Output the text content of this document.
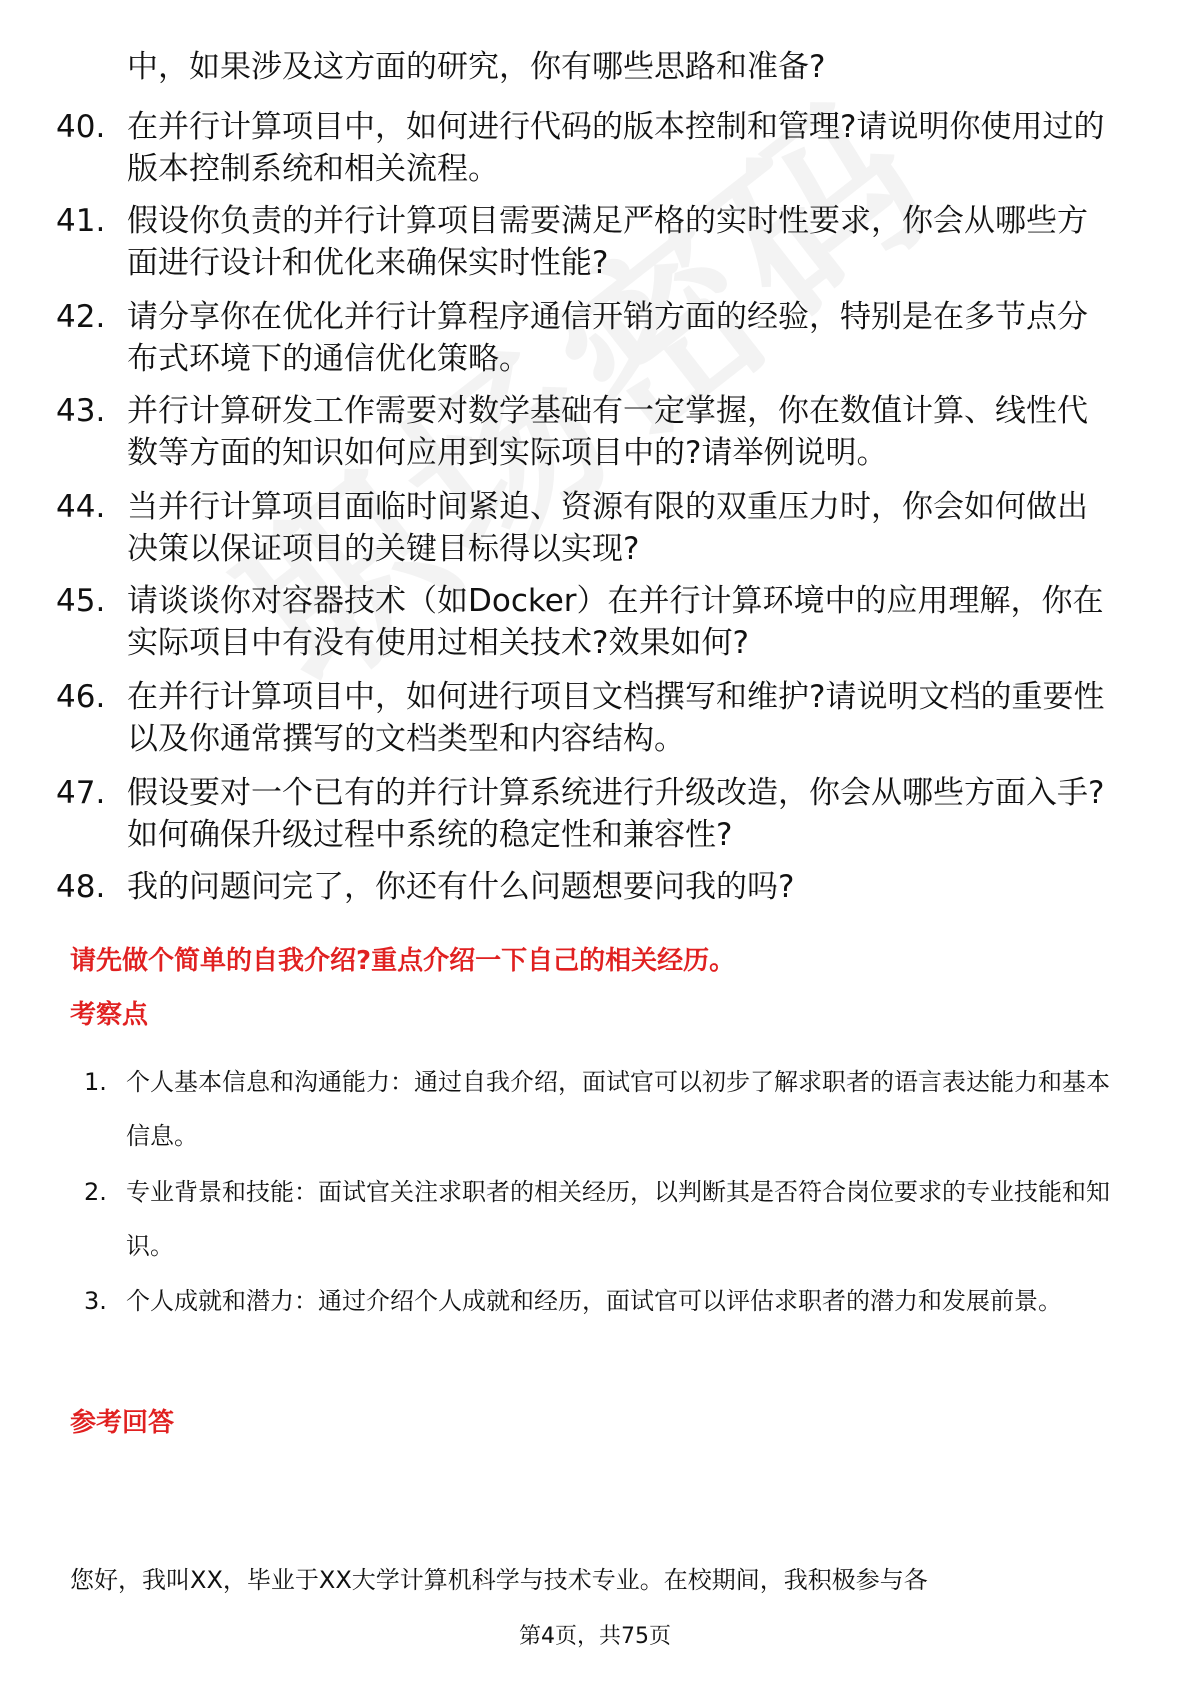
中，如果涉及这方面的研究，你有哪些思路和准备?
40. 在并行计算项目中，如何进行代码的版本控制和管理?请说明你使用过的版本控制系统和相关流程。
41. 假设你负责的并行计算项目需要满足严格的实时性要求，你会从哪些方面进行设计和优化来确保实时性能?
42. 请分享你在优化并行计算程序通信开销方面的经验，特别是在多节点分布式环境下的通信优化策略。
43. 并行计算研发工作需要对数学基础有一定掌握，你在数值计算、线性代数等方面的知识如何应用到实际项目中的?请举例说明。
44. 当并行计算项目面临时间紧迫、资源有限的双重压力时，你会如何做出决策以保证项目的关键目标得以实现?
45. 请谈谈你对容器技术（如Docker）在并行计算环境中的应用理解，你在实际项目中有没有使用过相关技术?效果如何?
46. 在并行计算项目中，如何进行项目文档撰写和维护?请说明文档的重要性以及你通常撰写的文档类型和内容结构。
47. 假设要对一个已有的并行计算系统进行升级改造，你会从哪些方面入手?如何确保升级过程中系统的稳定性和兼容性?
48. 我的问题问完了，你还有什么问题想要问我的吗?
请先做个简单的自我介绍?重点介绍一下自己的相关经历。
考察点
1. 个人基本信息和沟通能力：通过自我介绍，面试官可以初步了解求职者的语言表达能力和基本信息。
2. 专业背景和技能：面试官关注求职者的相关经历，以判断其是否符合岗位要求的专业技能和知识。
3. 个人成就和潜力：通过介绍个人成就和经历，面试官可以评估求职者的潜力和发展前景。
参考回答
您好，我叫XX，毕业于XX大学计算机科学与技术专业。在校期间，我积极参与各
第4页，共75页
